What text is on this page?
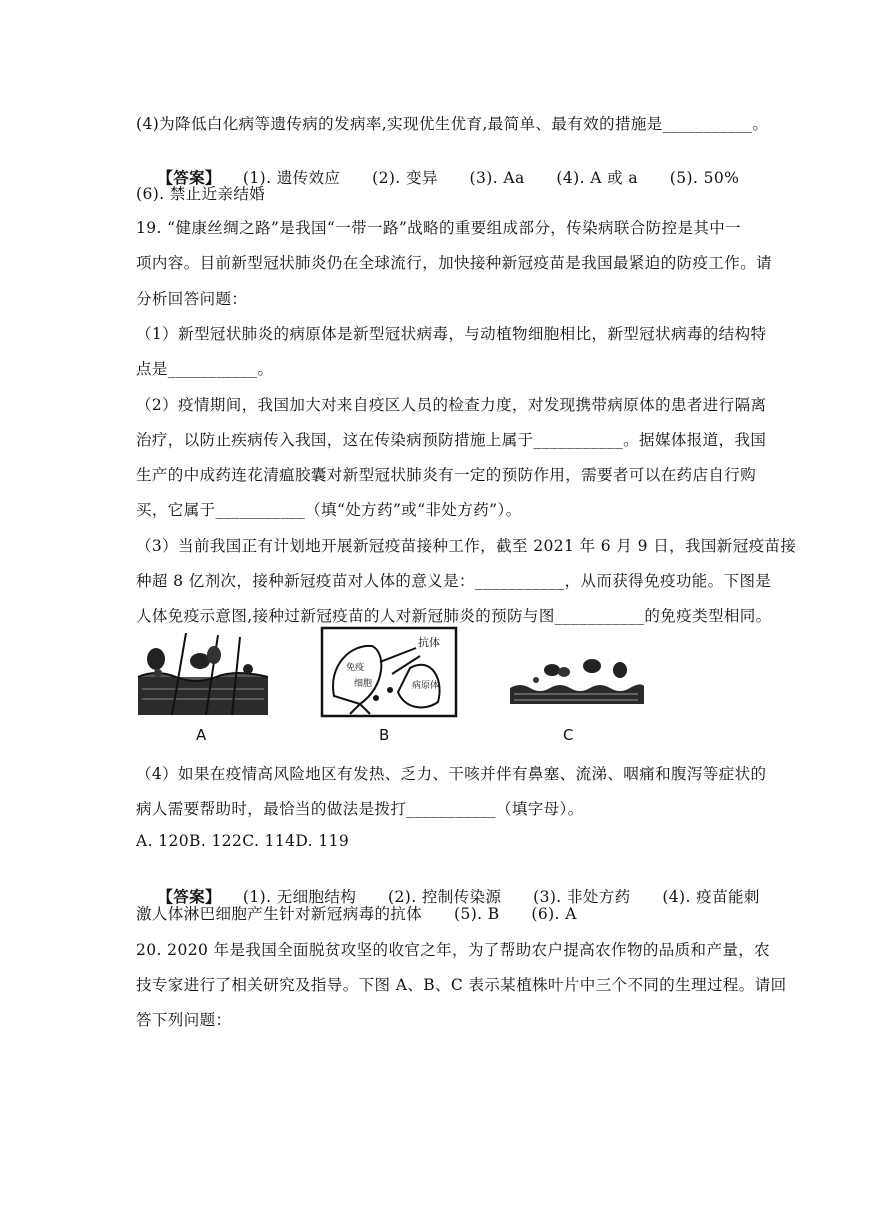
(4)为降低白化病等遗传病的发病率,实现优生优育,最简单、最有效的措施是___________。

【答案】 (1). 遗传效应　　(2). 变异　　(3). Aa　　(4). A 或 a　　(5). 50%

(6). 禁止近亲结婚
19. “健康丝绸之路”是我国“一带一路”战略的重要组成部分，传染病联合防控是其中一
项内容。目前新型冠状肺炎仍在全球流行，加快接种新冠疫苗是我国最紧迫的防疫工作。请
分析回答问题：
（1）新型冠状肺炎的病原体是新型冠状病毒，与动植物细胞相比，新型冠状病毒的结构特
点是___________。
（2）疫情期间，我国加大对来自疫区人员的检查力度，对发现携带病原体的患者进行隔离
治疗，以防止疾病传入我国，这在传染病预防措施上属于___________。据媒体报道，我国
生产的中成药连花清瘟胶囊对新型冠状肺炎有一定的预防作用，需要者可以在药店自行购
买，它属于___________（填“处方药”或“非处方药”）。
（3）当前我国正有计划地开展新冠疫苗接种工作，截至 2021 年 6 月 9 日，我国新冠疫苗接
种超 8 亿剂次，接种新冠疫苗对人体的意义是：___________，从而获得免疫功能。下图是
人体免疫示意图,接种过新冠疫苗的人对新冠肺炎的预防与图___________的免疫类型相同。
A
抗体
免疫
细胞	病原体
B	C
（4）如果在疫情高风险地区有发热、乏力、干咳并伴有鼻塞、流涕、咽痛和腹泻等症状的
病人需要帮助时，最恰当的做法是拨打___________（填字母）。
A. 120B. 122C. 114D. 119

【答案】 (1). 无细胞结构　　(2). 控制传染源　　(3). 非处方药　　(4). 疫苗能刺

激人体淋巴细胞产生针对新冠病毒的抗体　　(5). B　　(6). A
20. 2020 年是我国全面脱贫攻坚的收官之年，为了帮助农户提高农作物的品质和产量，农
技专家进行了相关研究及指导。下图 A、B、C 表示某植株叶片中三个不同的生理过程。请回
答下列问题：
